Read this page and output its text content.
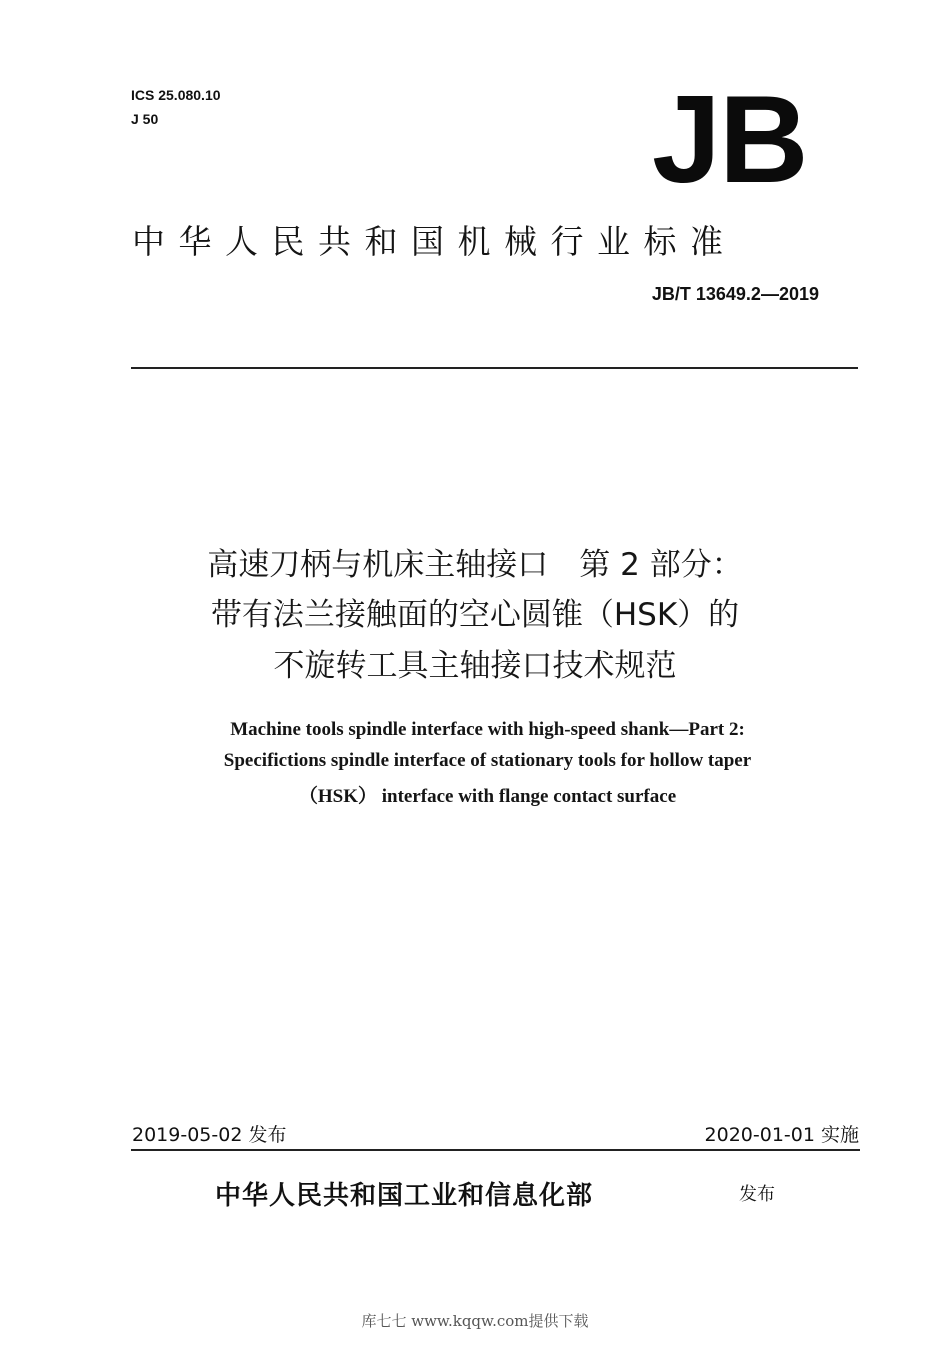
ICS 25.080.10
J 50	JB
中华人民共和国机械行业标准
JB/T 13649.2—2019
高速刀柄与机床主轴接口　第 2 部分：
带有法兰接触面的空心圆锥（HSK）的
不旋转工具主轴接口技术规范
Machine tools spindle interface with high-speed shank—Part 2:
Specifictions spindle interface of stationary tools for hollow taper
（HSK） interface with flange contact surface
2019-05-02 发布	2020-01-01 实施
中华人民共和国工业和信息化部	发布
库七七 www.kqqw.com提供下载
